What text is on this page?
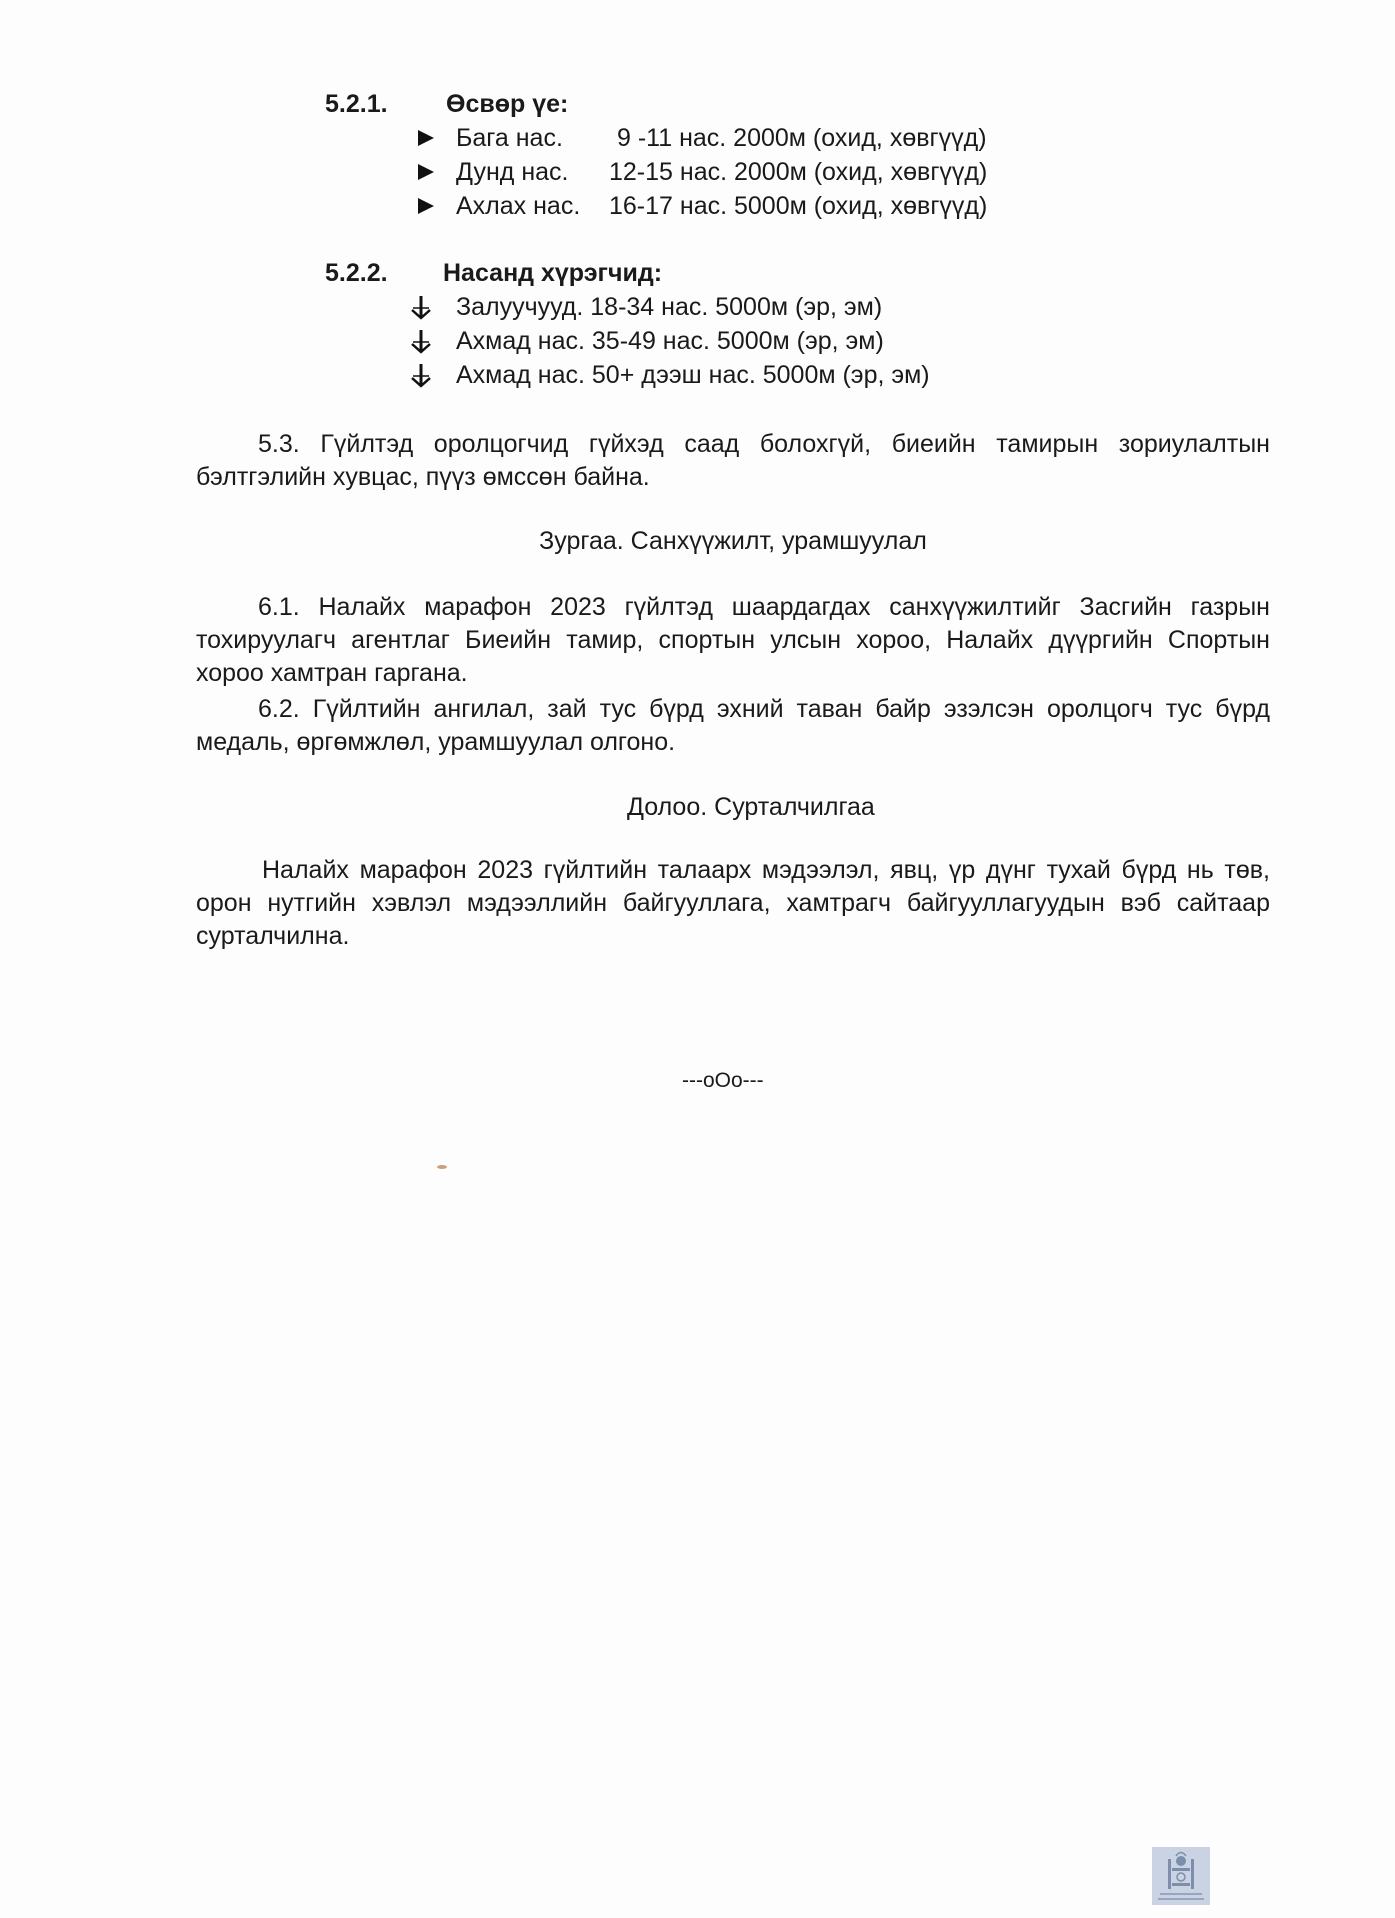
5.2.1. Өсвөр үе:
Бага нас. 9 -11 нас. 2000м (охид, хөвгүүд)
Дунд нас. 12-15 нас. 2000м (охид, хөвгүүд)
Ахлах нас. 16-17 нас. 5000м (охид, хөвгүүд)
5.2.2. Насанд хүрэгчид:
Залуучууд. 18-34 нас. 5000м (эр, эм)
Ахмад нас. 35-49 нас. 5000м (эр, эм)
Ахмад нас. 50+ дээш нас. 5000м (эр, эм)
5.3. Гүйлтэд оролцогчид гүйхэд саад болохгүй, биеийн тамирын зориулалтын бэлтгэлийн хувцас, пүүз өмссөн байна.
Зургаа. Санхүүжилт, урамшуулал
6.1. Налайх марафон 2023 гүйлтэд шаардагдах санхүүжилтийг Засгийн газрын тохируулагч агентлаг Биеийн тамир, спортын улсын хороо, Налайх дүүргийн Спортын хороо хамтран гаргана.
6.2. Гүйлтийн ангилал, зай тус бүрд эхний таван байр эзэлсэн оролцогч тус бүрд медаль, өргөмжлөл, урамшуулал олгоно.
Долоо. Сурталчилгаа
Налайх марафон 2023 гүйлтийн талаарх мэдээлэл, явц, үр дүнг тухай бүрд нь төв, орон нутгийн хэвлэл мэдээллийн байгууллага, хамтрагч байгууллагуудын вэб сайтаар сурталчилна.
---oOo---
